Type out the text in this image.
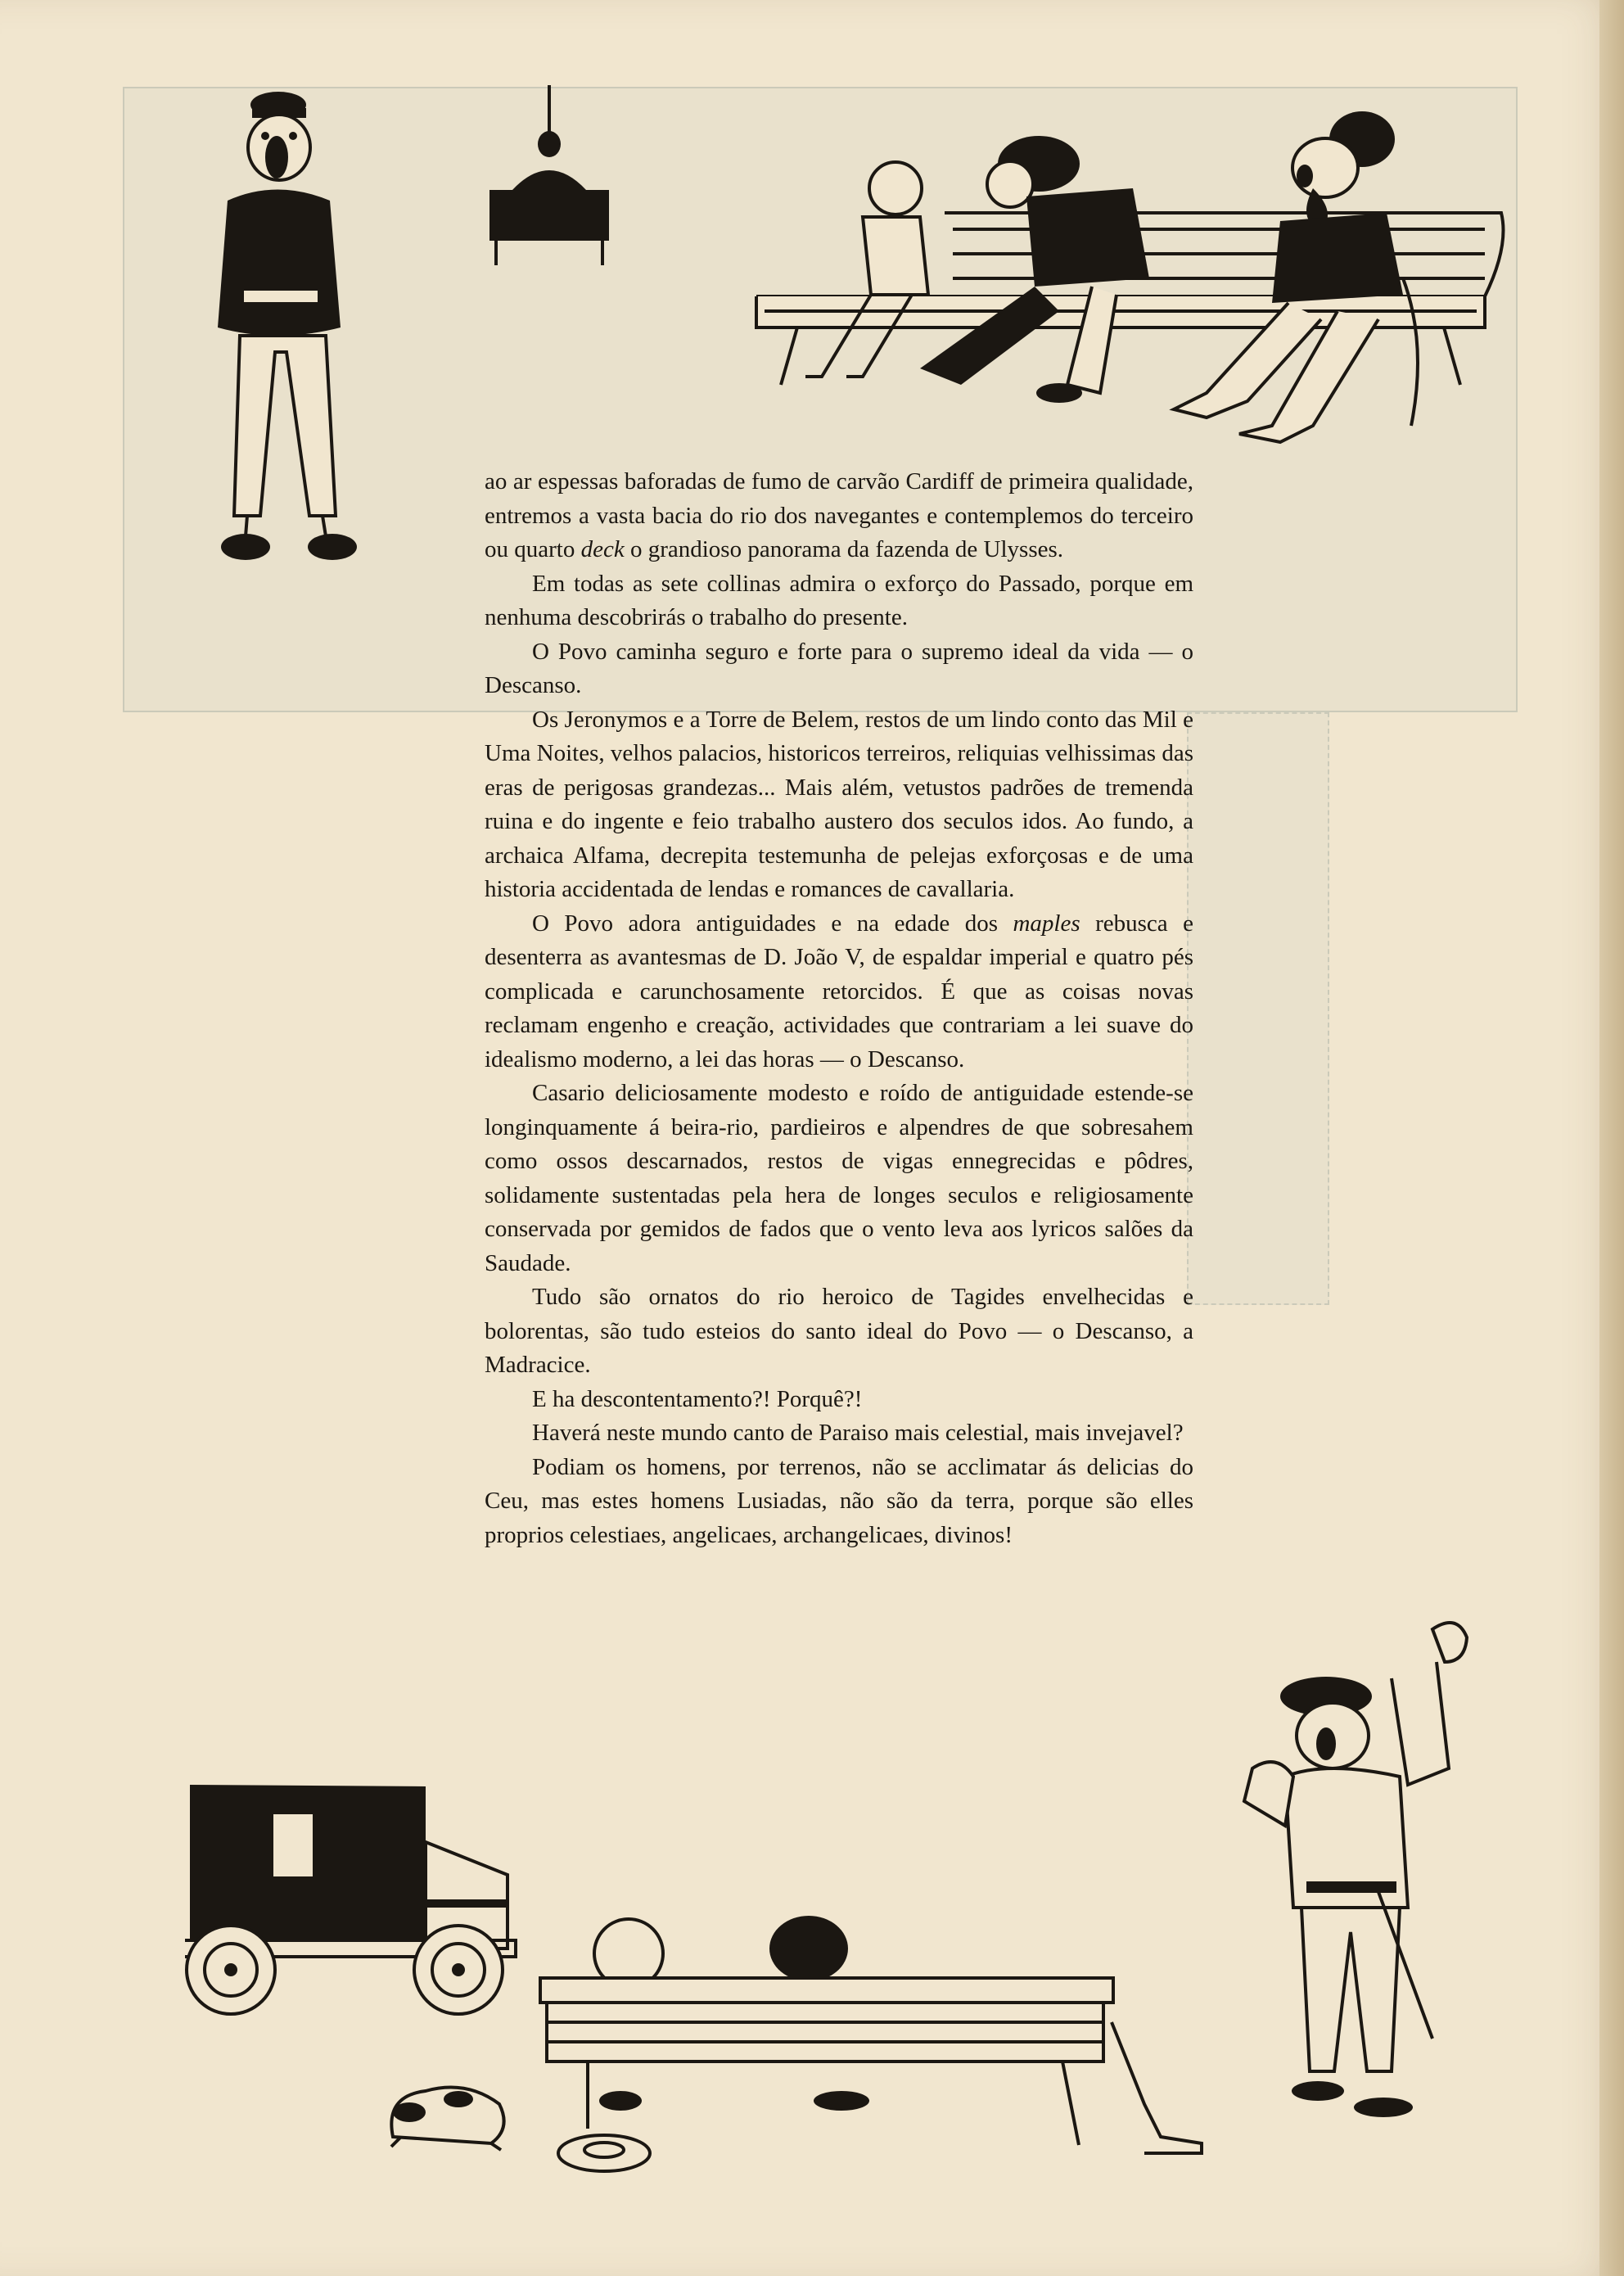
ao ar espessas baforadas de fumo de carvão Cardiff de primeira qualidade, entremos a vasta bacia do rio dos navegantes e contemplemos do terceiro ou quarto deck o grandioso panorama da fazenda de Ulysses.

Em todas as sete collinas admira o exforço do Passado, porque em nenhuma descobrirás o trabalho do presente.

O Povo caminha seguro e forte para o supremo ideal da vida — o Descanso.

Os Jeronymos e a Torre de Belem, restos de um lindo conto das Mil e Uma Noites, velhos palacios, historicos terreiros, reliquias velhissimas das eras de perigosas grandezas... Mais além, vetustos padrões de tremenda ruina e do ingente e feio trabalho austero dos seculos idos. Ao fundo, a archaica Alfama, decrepita testemunha de pelejas exforçosas e de uma historia accidentada de lendas e romances de cavallaria.

O Povo adora antiguidades e na edade dos maples rebusca e desenterra as avantesmas de D. João V, de espaldar imperial e quatro pés complicada e carunchosamente retorcidos. É que as coisas novas reclamam engenho e creação, actividades que contrariam a lei suave do idealismo moderno, a lei das horas — o Descanso.

Casario deliciosamente modesto e roído de antiguidade estende-se longinquamente á beira-rio, pardieiros e alpendres de que sobresahem como ossos descarnados, restos de vigas ennegrecidas e pôdres, solidamente sustentadas pela hera de longes seculos e religiosamente conservada por gemidos de fados que o vento leva aos lyricos salões da Saudade.

Tudo são ornatos do rio heroico de Tagides envelhecidas e bolorentas, são tudo esteios do santo ideal do Povo — o Descanso, a Madracice.

E ha descontentamento?! Porquê?!

Haverá neste mundo canto de Paraiso mais celestial, mais invejavel?

Podiam os homens, por terrenos, não se acclimatar ás delicias do Ceu, mas estes homens Lusiadas, não são da terra, porque são elles proprios celestiaes, angelicaes, archangelicaes, divinos!
